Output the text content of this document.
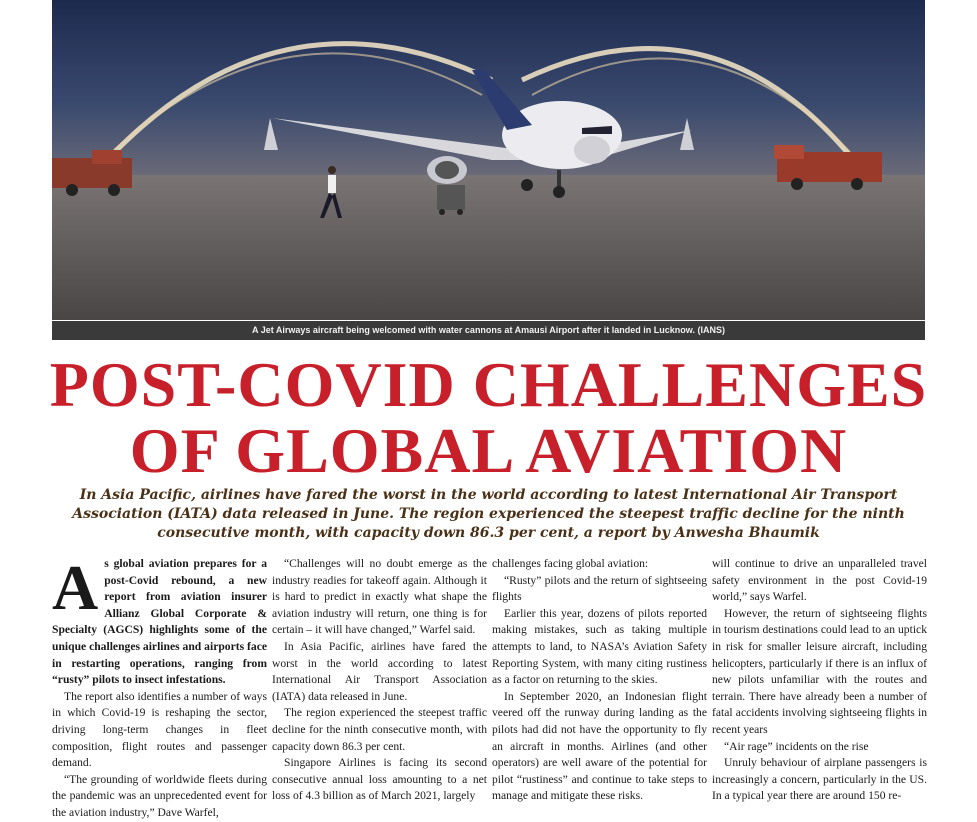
A Jet Airways aircraft being welcomed with water cannons at Amausi Airport after it landed in Lucknow. (IANS)
POST-COVID CHALLENGES
OF GLOBAL AVIATION
In Asia Pacific, airlines have fared the worst in the world according to latest International Air Transport Association (IATA) data released in June. The region experienced the steepest traffic decline for the ninth consecutive month, with capacity down 86.3 per cent, a report by Anwesha Bhaumik

As global aviation prepares for a post-Covid rebound, a new report from aviation insurer Allianz Global Corporate & Specialty (AGCS) highlights some of the unique challenges airlines and airports face in restarting operations, ranging from “rusty” pilots to insect infestations.

The report also identifies a number of ways in which Covid-19 is reshaping the sector, driving long-term changes in fleet composition, flight routes and passenger demand.

“The grounding of worldwide fleets during the pandemic was an unprecedented event for the aviation industry,” Dave Warfel,

“Challenges will no doubt emerge as the industry readies for takeoff again. Although it is hard to predict in exactly what shape the aviation industry will return, one thing is for certain – it will have changed,” Warfel said.

In Asia Pacific, airlines have fared the worst in the world according to latest International Air Transport Association (IATA) data released in June.

The region experienced the steepest traffic decline for the ninth consecutive month, with capacity down 86.3 per cent.

Singapore Airlines is facing its second consecutive annual loss amounting to a net loss of 4.3 billion as of March 2021, largely

challenges facing global aviation:

“Rusty” pilots and the return of sightseeing flights

Earlier this year, dozens of pilots reported making mistakes, such as taking multiple attempts to land, to NASA’s Aviation Safety Reporting System, with many citing rustiness as a factor on returning to the skies.

In September 2020, an Indonesian flight veered off the runway during landing as the pilots had did not have the opportunity to fly an aircraft in months. Airlines (and other operators) are well aware of the potential for pilot “rustiness” and continue to take steps to manage and mitigate these risks.

will continue to drive an unparalleled travel safety environment in the post Covid-19 world,” says Warfel.

However, the return of sightseeing flights in tourism destinations could lead to an uptick in risk for smaller leisure aircraft, including helicopters, particularly if there is an influx of new pilots unfamiliar with the routes and terrain. There have already been a number of fatal accidents involving sightseeing flights in recent years

“Air rage” incidents on the rise

Unruly behaviour of airplane passengers is increasingly a concern, particularly in the US. In a typical year there are around 150 re-
